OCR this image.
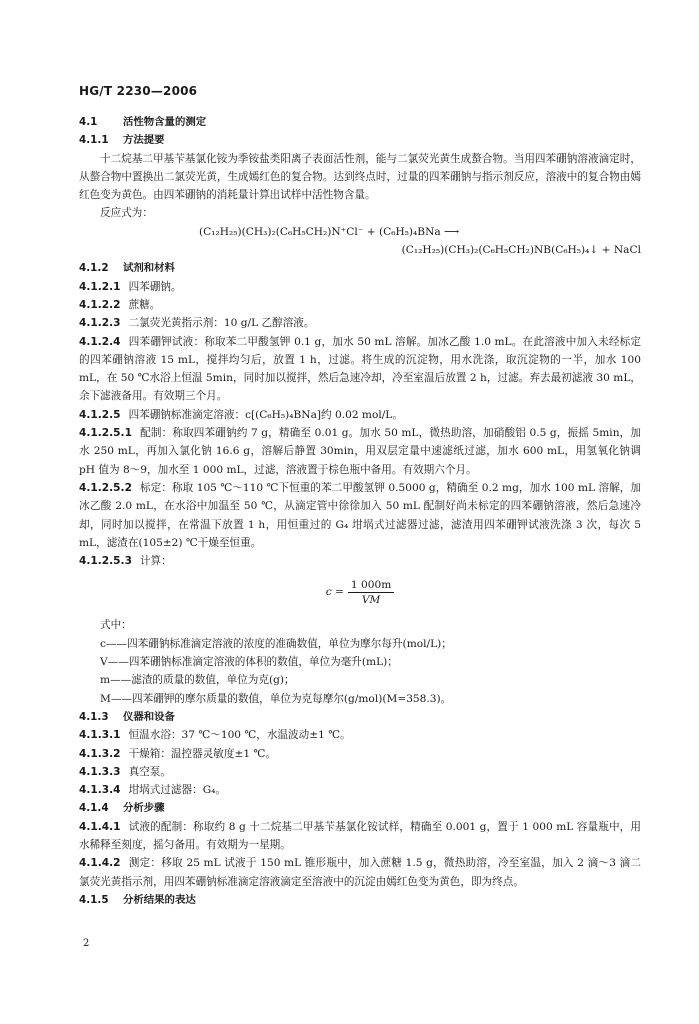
HG/T 2230—2006

4.1 活性物含量的测定

4.1.1 方法提要

十二烷基二甲基苄基氯化铵为季铵盐类阳离子表面活性剂，能与二氯荧光黄生成螯合物。当用四苯硼钠溶液滴定时，从螯合物中置换出二氯荧光黄，生成嫣红色的复合物。达到终点时，过量的四苯硼钠与指示剂反应，溶液中的复合物由嫣红色变为黄色。由四苯硼钠的消耗量计算出试样中活性物含量。

反应式为：

(C₁₂H₂₅)(CH₃)₂(C₆H₅CH₂)N⁺Cl⁻ + (C₆H₅)₄BNa ⟶

(C₁₂H₂₅)(CH₃)₂(C₆H₅CH₂)NB(C₆H₅)₄↓ + NaCl

4.1.2 试剂和材料

4.1.2.1 四苯硼钠。

4.1.2.2 蔗糖。

4.1.2.3 二氯荧光黄指示剂：10 g/L 乙醇溶液。

4.1.2.4 四苯硼钾试液：称取苯二甲酸氢钾 0.1 g，加水 50 mL 溶解。加冰乙酸 1.0 mL。在此溶液中加入未经标定的四苯硼钠溶液 15 mL，搅拌均匀后，放置 1 h，过滤。将生成的沉淀物，用水洗涤，取沉淀物的一半，加水 100 mL，在 50 ℃水浴上恒温 5min，同时加以搅拌，然后急速冷却，冷至室温后放置 2 h，过滤。弃去最初滤液 30 mL，余下滤液备用。有效期三个月。

4.1.2.5 四苯硼钠标准滴定溶液：c[(C₆H₅)₄BNa]约 0.02 mol/L。

4.1.2.5.1 配制：称取四苯硼钠约 7 g，精确至 0.01 g。加水 50 mL，微热助溶，加硝酸铝 0.5 g，振摇 5min，加水 250 mL，再加入氯化钠 16.6 g，溶解后静置 30min，用双层定量中速滤纸过滤，加水 600 mL，用氢氧化钠调 pH 值为 8～9，加水至 1 000 mL，过滤，溶液置于棕色瓶中备用。有效期六个月。

4.1.2.5.2 标定：称取 105 ℃～110 ℃下恒重的苯二甲酸氢钾 0.5000 g，精确至 0.2 mg，加水 100 mL 溶解，加冰乙酸 2.0 mL，在水浴中加温至 50 ℃，从滴定管中徐徐加入 50 mL 配制好尚未标定的四苯硼钠溶液，然后急速冷却，同时加以搅拌，在常温下放置 1 h，用恒重过的 G₄ 坩埚式过滤器过滤，滤渣用四苯硼钾试液洗涤 3 次，每次 5 mL，滤渣在(105±2) ℃干燥至恒重。

4.1.2.5.3 计算：

$c = \frac{1 000m}{VM}$

式中：

c——四苯硼钠标准滴定溶液的浓度的准确数值，单位为摩尔每升(mol/L)；

V——四苯硼钠标准滴定溶液的体积的数值，单位为毫升(mL)；

m——滤渣的质量的数值，单位为克(g)；

M——四苯硼钾的摩尔质量的数值，单位为克每摩尔(g/mol)(M=358.3)。

4.1.3 仪器和设备

4.1.3.1 恒温水浴：37 ℃～100 ℃，水温波动±1 ℃。

4.1.3.2 干燥箱：温控器灵敏度±1 ℃。

4.1.3.3 真空泵。

4.1.3.4 坩埚式过滤器：G₄。

4.1.4 分析步骤

4.1.4.1 试液的配制：称取约 8 g 十二烷基二甲基苄基氯化铵试样，精确至 0.001 g，置于 1 000 mL 容量瓶中，用水稀释至刻度，摇匀备用。有效期为一星期。

4.1.4.2 测定：移取 25 mL 试液于 150 mL 锥形瓶中，加入蔗糖 1.5 g，微热助溶，冷至室温，加入 2 滴～3 滴二氯荧光黄指示剂，用四苯硼钠标准滴定溶液滴定至溶液中的沉淀由嫣红色变为黄色，即为终点。

4.1.5 分析结果的表达

2
